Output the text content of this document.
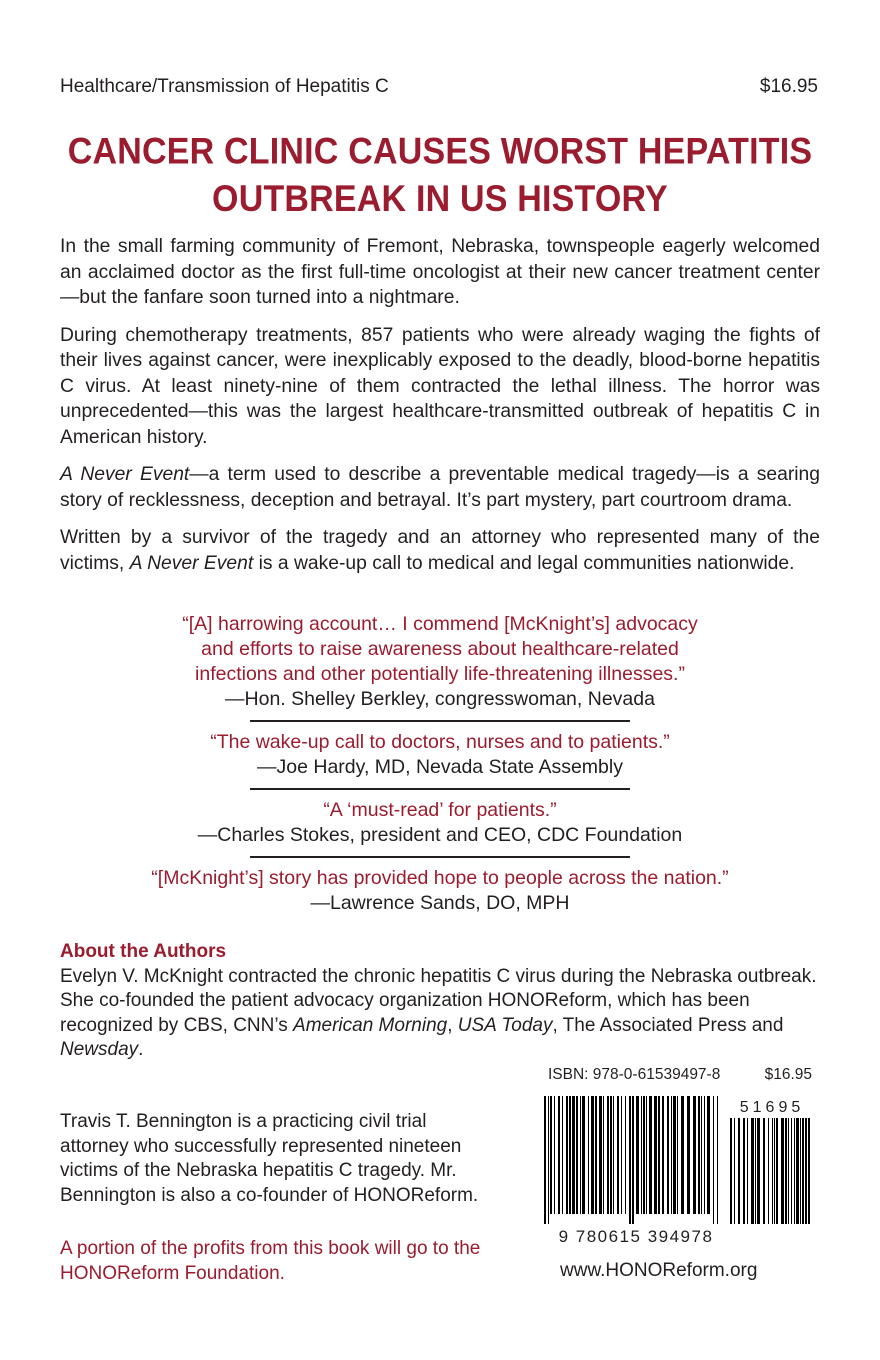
Healthcare/Transmission of Hepatitis C	$16.95
CANCER CLINIC CAUSES WORST HEPATITIS
OUTBREAK IN US HISTORY

In the small farming community of Fremont, Nebraska, townspeople eagerly welcomed an acclaimed doctor as the first full-time oncologist at their new cancer treatment center—but the fanfare soon turned into a nightmare.

During chemotherapy treatments, 857 patients who were already waging the fights of their lives against cancer, were inexplicably exposed to the deadly, blood-borne hepatitis C virus. At least ninety-nine of them contracted the lethal illness. The horror was unprecedented—this was the largest healthcare-transmitted outbreak of hepatitis C in American history.

A Never Event—a term used to describe a preventable medical tragedy—is a searing story of recklessness, deception and betrayal. It’s part mystery, part courtroom drama.

Written by a survivor of the tragedy and an attorney who represented many of the victims, A Never Event is a wake-up call to medical and legal communities nationwide.

“[A] harrowing account… I commend [McKnight’s] advocacy
and efforts to raise awareness about healthcare-related
infections and other potentially life-threatening illnesses.”
—Hon. Shelley Berkley, congresswoman, Nevada
“The wake-up call to doctors, nurses and to patients.”
—Joe Hardy, MD, Nevada State Assembly
“A ‘must-read’ for patients.”
—Charles Stokes, president and CEO, CDC Foundation
“[McKnight’s] story has provided hope to people across the nation.”
—Lawrence Sands, DO, MPH
About the Authors

Evelyn V. McKnight contracted the chronic hepatitis C virus during the Nebraska outbreak. She co-founded the patient advocacy organization HONOReform, which has been recognized by CBS, CNN’s American Morning, USA Today, The Associated Press and Newsday.

Travis T. Bennington is a practicing civil trial attorney who successfully represented nineteen victims of the Nebraska hepatitis C tragedy. Mr. Bennington is also a co-founder of HONOReform.
A portion of the profits from this book will go to the HONOReform Foundation.
ISBN: 978-0-61539497-8	$16.95
51695
9 780615 394978
www.HONOReform.org
